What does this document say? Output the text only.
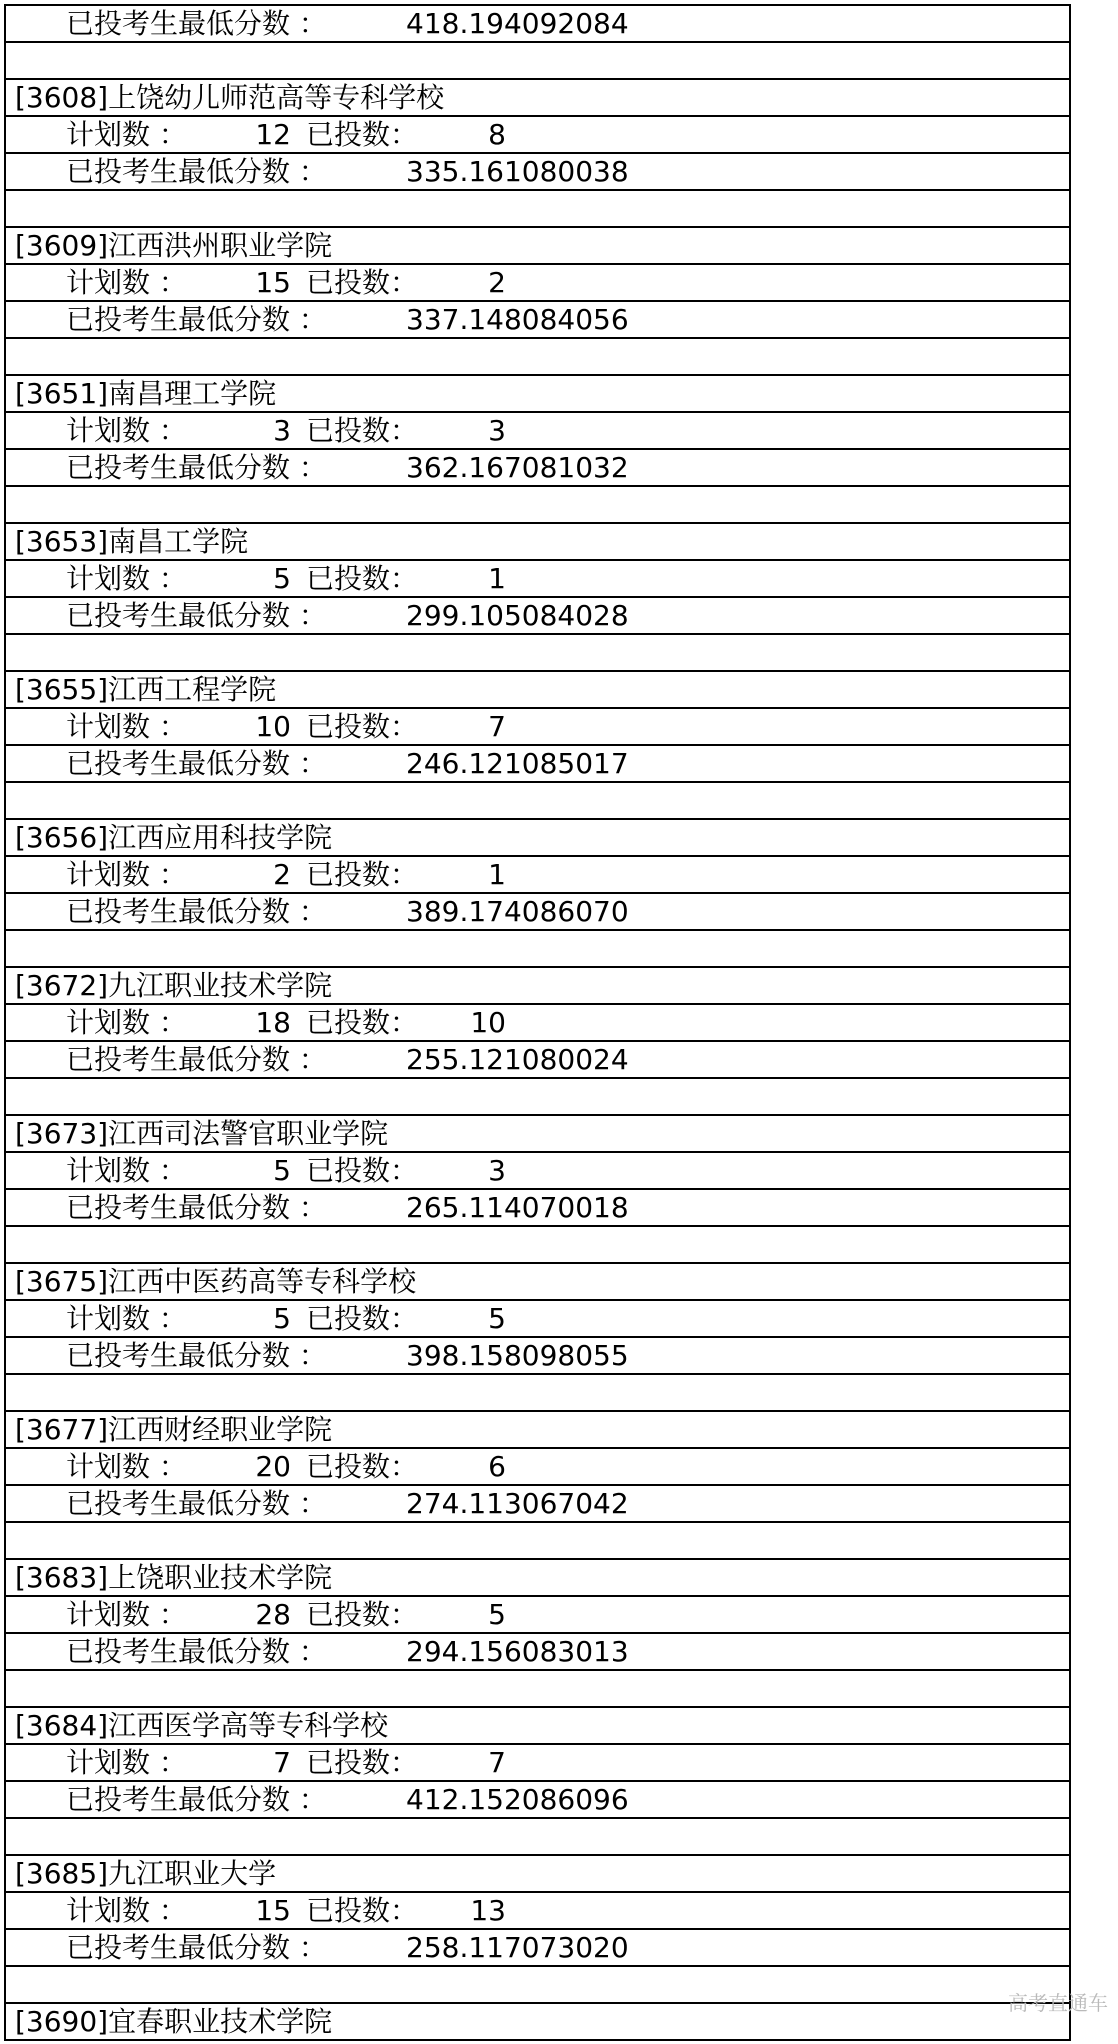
已投考生最低分数 ：	418.194092084
[3608]上饶幼儿师范高等专科学校
计划数 ：	12 已投数：	8
已投考生最低分数 ：	335.161080038
[3609]江西洪州职业学院
计划数 ：	15 已投数：	2
已投考生最低分数 ：	337.148084056
[3651]南昌理工学院
计划数 ：	3 已投数：	3
已投考生最低分数 ：	362.167081032
[3653]南昌工学院
计划数 ：	5 已投数：	1
已投考生最低分数 ：	299.105084028
[3655]江西工程学院
计划数 ：	10 已投数：	7
已投考生最低分数 ：	246.121085017
[3656]江西应用科技学院
计划数 ：	2 已投数：	1
已投考生最低分数 ：	389.174086070
[3672]九江职业技术学院
计划数 ：	18 已投数：	10
已投考生最低分数 ：	255.121080024
[3673]江西司法警官职业学院
计划数 ：	5 已投数：	3
已投考生最低分数 ：	265.114070018
[3675]江西中医药高等专科学校
计划数 ：	5 已投数：	5
已投考生最低分数 ：	398.158098055
[3677]江西财经职业学院
计划数 ：	20 已投数：	6
已投考生最低分数 ：	274.113067042
[3683]上饶职业技术学院
计划数 ：	28 已投数：	5
已投考生最低分数 ：	294.156083013
[3684]江西医学高等专科学校
计划数 ：	7 已投数：	7
已投考生最低分数 ：	412.152086096
[3685]九江职业大学
计划数 ：	15 已投数：	13
已投考生最低分数 ：	258.117073020
[3690]宜春职业技术学院
高考直通车
